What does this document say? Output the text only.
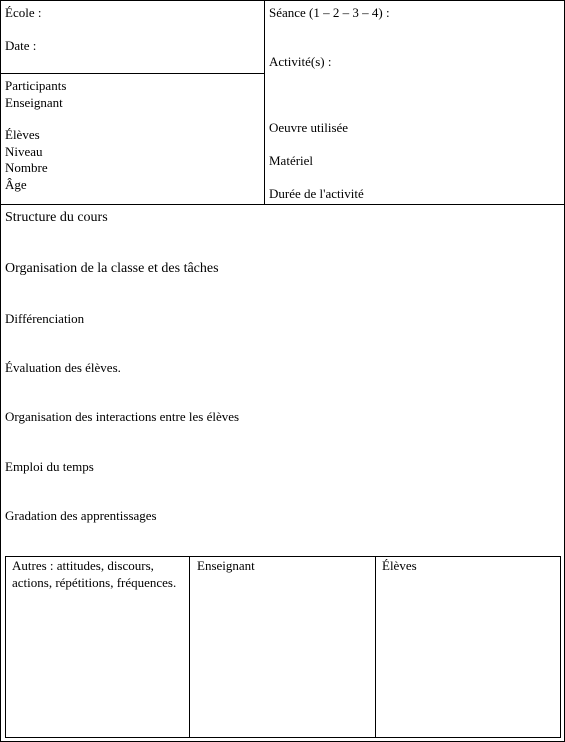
École :
Date :
Participants
Enseignant
Élèves
Niveau
Nombre
Âge
Séance (1 – 2 – 3 – 4) :
Activité(s) :
Oeuvre utilisée
Matériel
Durée de l'activité
Structure du cours
Organisation de la classe et des tâches
Différenciation
Évaluation des élèves.
Organisation des interactions entre les élèves
Emploi du temps
Gradation des apprentissages
Autres : attitudes, discours, actions, répétitions, fréquences.
Enseignant	Élèves
